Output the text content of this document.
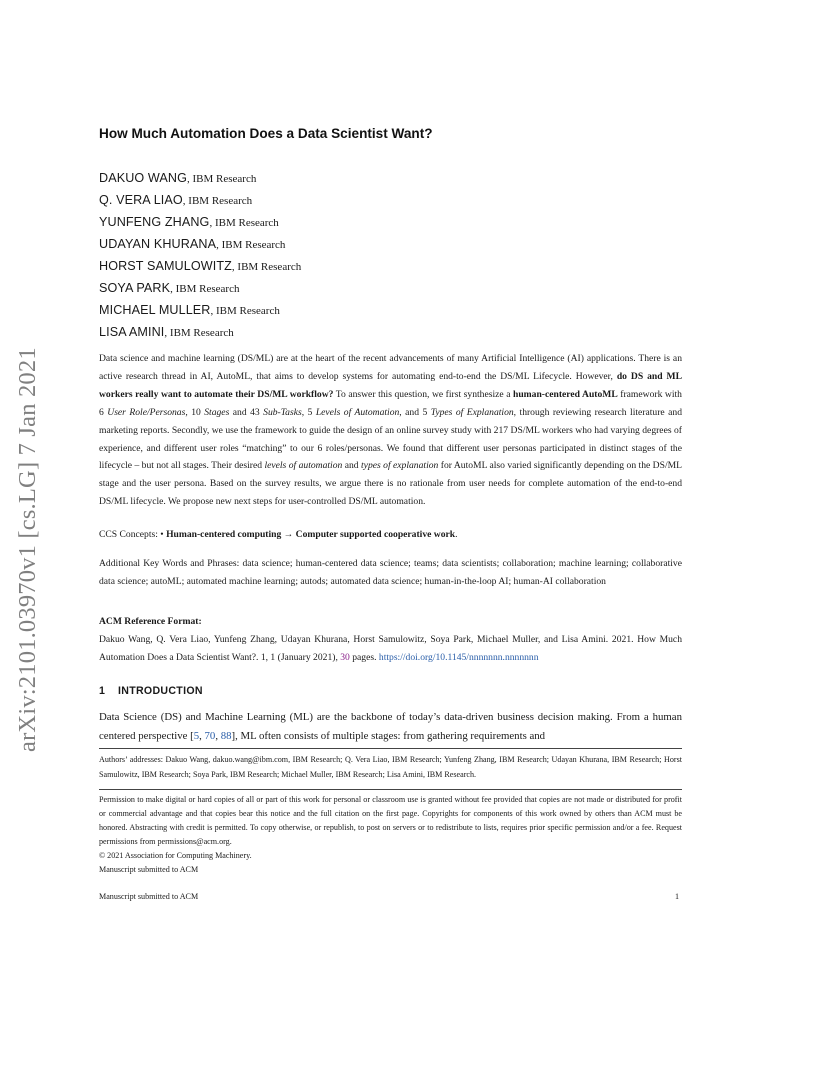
arXiv:2101.03970v1 [cs.LG] 7 Jan 2021
How Much Automation Does a Data Scientist Want?
DAKUO WANG, IBM Research
Q. VERA LIAO, IBM Research
YUNFENG ZHANG, IBM Research
UDAYAN KHURANA, IBM Research
HORST SAMULOWITZ, IBM Research
SOYA PARK, IBM Research
MICHAEL MULLER, IBM Research
LISA AMINI, IBM Research

Data science and machine learning (DS/ML) are at the heart of the recent advancements of many Artificial Intelligence (AI) applications. There is an active research thread in AI, AutoML, that aims to develop systems for automating end-to-end the DS/ML Lifecycle. However, do DS and ML workers really want to automate their DS/ML workflow? To answer this question, we first synthesize a human-centered AutoML framework with 6 User Role/Personas, 10 Stages and 43 Sub-Tasks, 5 Levels of Automation, and 5 Types of Explanation, through reviewing research literature and marketing reports. Secondly, we use the framework to guide the design of an online survey study with 217 DS/ML workers who had varying degrees of experience, and different user roles “matching” to our 6 roles/personas. We found that different user personas participated in distinct stages of the lifecycle – but not all stages. Their desired levels of automation and types of explanation for AutoML also varied significantly depending on the DS/ML stage and the user persona. Based on the survey results, we argue there is no rationale from user needs for complete automation of the end-to-end DS/ML lifecycle. We propose new next steps for user-controlled DS/ML automation.

CCS Concepts: • Human-centered computing → Computer supported cooperative work.
Additional Key Words and Phrases: data science; human-centered data science; teams; data scientists; collaboration; machine learning; collaborative data science; autoML; automated machine learning; autods; automated data science; human-in-the-loop AI; human-AI collaboration
ACM Reference Format:
Dakuo Wang, Q. Vera Liao, Yunfeng Zhang, Udayan Khurana, Horst Samulowitz, Soya Park, Michael Muller, and Lisa Amini. 2021. How Much Automation Does a Data Scientist Want?. 1, 1 (January 2021), 30 pages. https://doi.org/10.1145/nnnnnnn.nnnnnnn
1 INTRODUCTION
Data Science (DS) and Machine Learning (ML) are the backbone of today’s data-driven business decision making. From a human centered perspective [5, 70, 88], ML often consists of multiple stages: from gathering requirements and
Authors’ addresses: Dakuo Wang, dakuo.wang@ibm.com, IBM Research; Q. Vera Liao, IBM Research; Yunfeng Zhang, IBM Research; Udayan Khurana, IBM Research; Horst Samulowitz, IBM Research; Soya Park, IBM Research; Michael Muller, IBM Research; Lisa Amini, IBM Research.
Permission to make digital or hard copies of all or part of this work for personal or classroom use is granted without fee provided that copies are not made or distributed for profit or commercial advantage and that copies bear this notice and the full citation on the first page. Copyrights for components of this work owned by others than ACM must be honored. Abstracting with credit is permitted. To copy otherwise, or republish, to post on servers or to redistribute to lists, requires prior specific permission and/or a fee. Request permissions from permissions@acm.org.
© 2021 Association for Computing Machinery.
Manuscript submitted to ACM
Manuscript submitted to ACM	1
